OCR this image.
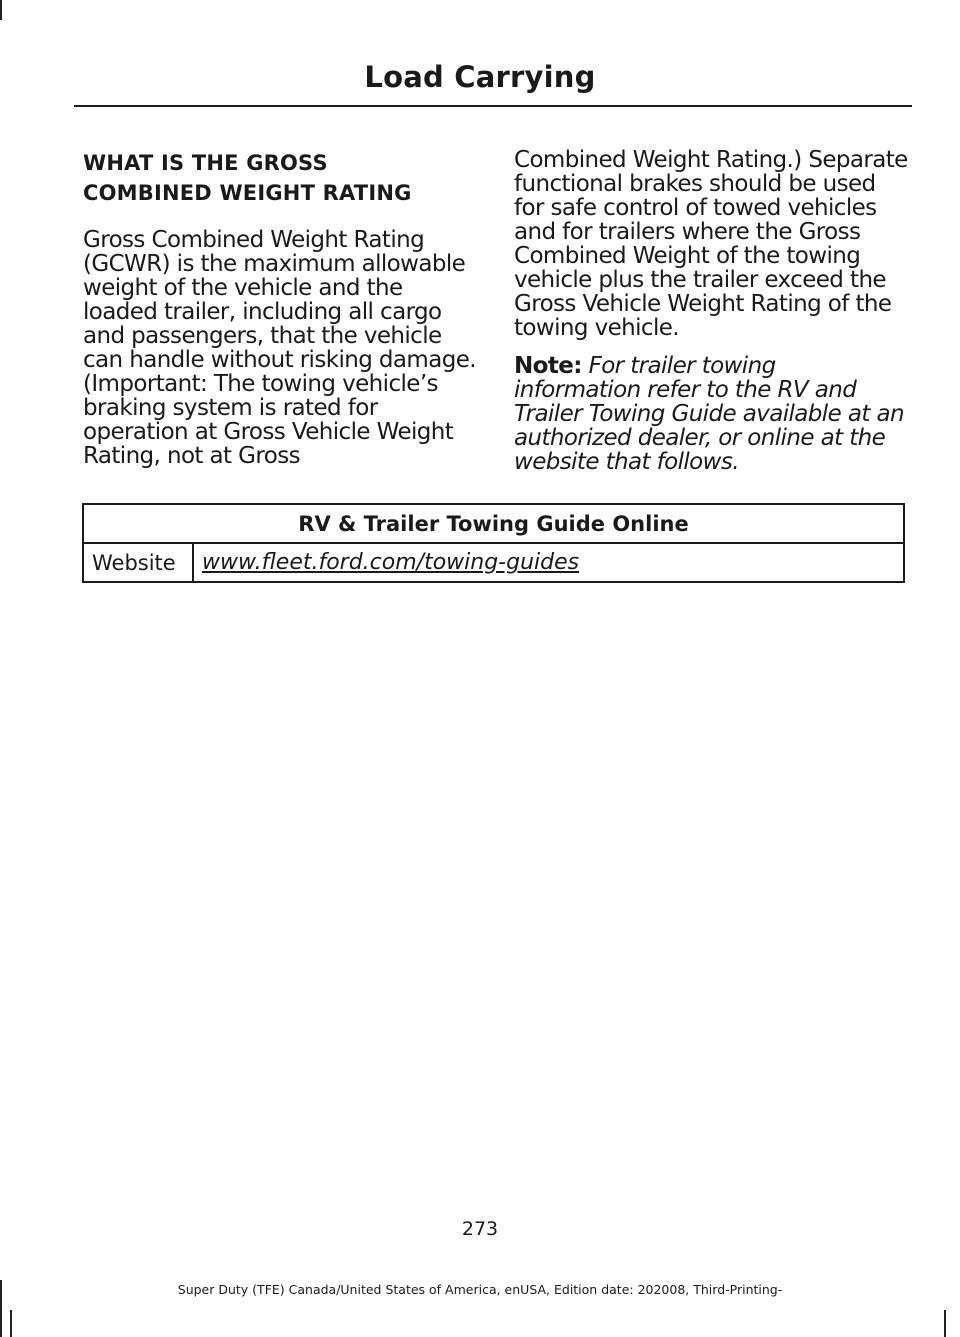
Load Carrying
WHAT IS THE GROSS
COMBINED WEIGHT RATING

Gross Combined Weight Rating (GCWR) is the maximum allowable weight of the vehicle and the loaded trailer, including all cargo and passengers, that the vehicle can handle without risking damage. (Important: The towing vehicle’s braking system is rated for operation at Gross Vehicle Weight Rating, not at Gross

Combined Weight Rating.) Separate functional brakes should be used for safe control of towed vehicles and for trailers where the Gross Combined Weight of the towing vehicle plus the trailer exceed the Gross Vehicle Weight Rating of the towing vehicle.

Note: For trailer towing information refer to the RV and Trailer Towing Guide available at an authorized dealer, or online at the website that follows.

RV & Trailer Towing Guide Online
Website	www.fleet.ford.com/towing-guides
273
Super Duty (TFE) Canada/United States of America, enUSA, Edition date: 202008, Third-Printing-
